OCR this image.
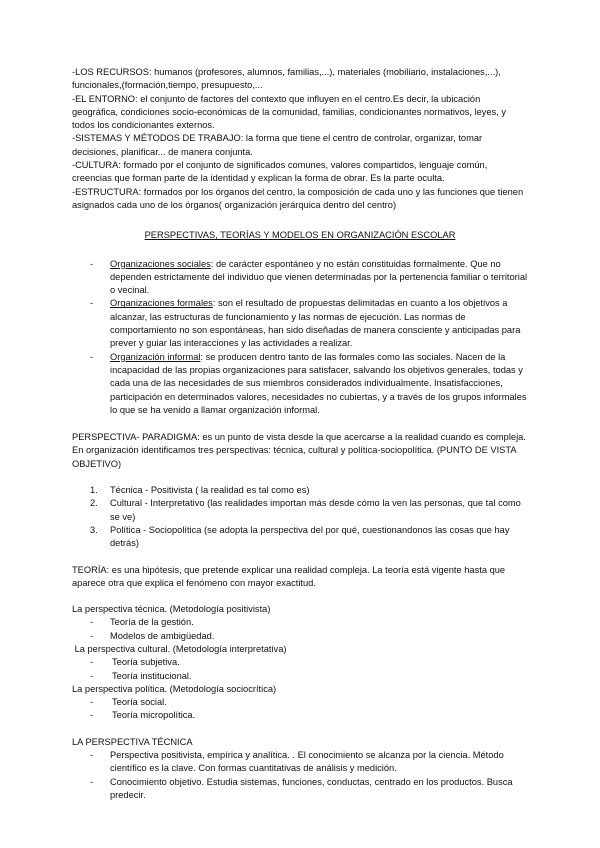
-LOS RECURSOS: humanos (profesores, alumnos, familias,...), materiales (mobiliario, instalaciones,...), funcionales,(formación,tiempo, presupuesto,...

-EL ENTORNO: el conjunto de factores del contexto que influyen en el centro.Es decir, la ubicación geográfica, condiciones socio-económicas de la comunidad, familias, condicionantes normativos, leyes, y todos los condicionantes externos.

-SISTEMAS Y MÉTODOS DE TRABAJO: la forma que tiene el centro de controlar, organizar, tomar decisiones, planificar... de manera conjunta.

-CULTURA: formado por el conjunto de significados comunes, valores compartidos, lenguaje común, creencias que forman parte de la identidad y explican la forma de obrar. Es la parte oculta.

-ESTRUCTURA: formados por los órganos del centro, la composición de cada uno y las funciones que tienen asignados cada uno de los órganos( organización jerárquica dentro del centro)

PERSPECTIVAS, TEORÍAS Y MODELOS EN ORGANIZACIÓN ESCOLAR

- Organizaciones sociales: de carácter espontáneo y no están constituidas formalmente. Que no dependen estrictamente del individuo que vienen determinadas por la pertenencia familiar o territorial o vecinal.
- Organizaciones formales: son el resultado de propuestas delimitadas en cuanto a los objetivos a alcanzar, las estructuras de funcionamiento y las normas de ejecución. Las normas de comportamiento no son espontáneas, han sido diseñadas de manera consciente y anticipadas para prever y guiar las interacciones y las actividades a realizar.
- Organización informal: se producen dentro tanto de las formales como las sociales. Nacen de la incapacidad de las propias organizaciones para satisfacer, salvando los objetivos generales, todas y cada una de las necesidades de sus miembros considerados individualmente. Insatisfacciones, participación en determinados valores, necesidades no cubiertas, y a través de los grupos informales lo que se ha venido a llamar organización informal.

PERSPECTIVA- PARADIGMA: es un punto de vista desde la que acercarse a la realidad cuando es compleja. En organización identificamos tres perspectivas: técnica, cultural y política-sociopolítica. (PUNTO DE VISTA OBJETIVO)

1. Técnica - Positivista ( la realidad es tal como es)
2. Cultural - Interpretativo (las realidades importan más desde cómo la ven las personas, que tal como se ve)
3. Política - Sociopolítica (se adopta la perspectiva del por qué, cuestionandonos las cosas que hay detrás)

TEORÍA: es una hipótesis, que pretende explicar una realidad compleja. La teoría está vigente hasta que aparece otra que explica el fenómeno con mayor exactitud.

La perspectiva técnica. (Metodología positivista)

- Teoría de la gestión.
- Modelos de ambigüedad.

La perspectiva cultural. (Metodología interpretativa)

- Teoría subjetiva.
- Teoría institucional.

La perspectiva política. (Metodología sociocrítica)

- Teoría social.
- Teoría micropolítica.

LA PERSPECTIVA TÉCNICA

- Perspectiva positivista, empírica y analítica. . El conocimiento se alcanza por la ciencia. Método científico es la clave. Con formas cuantitativas de análisis y medición.
- Conocimiento objetivo. Estudia sistemas, funciones, conductas, centrado en los productos. Busca predecir.
